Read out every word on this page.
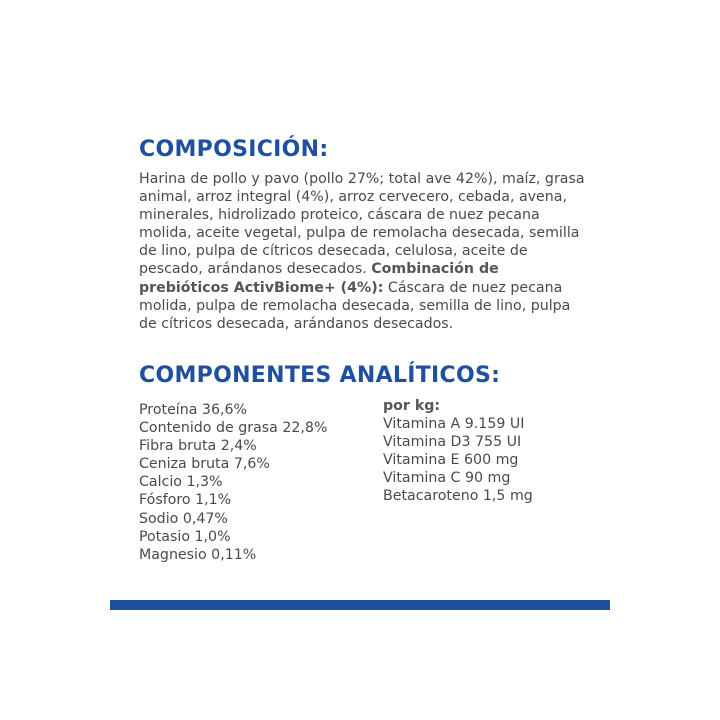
COMPOSICIÓN:

Harina de pollo y pavo (pollo 27%; total ave 42%), maíz, grasa animal, arroz integral (4%), arroz cervecero, cebada, avena, minerales, hidrolizado proteico, cáscara de nuez pecana molida, aceite vegetal, pulpa de remolacha desecada, semilla de lino, pulpa de cítricos desecada, celulosa, aceite de pescado, arándanos desecados. Combinación de prebióticos ActivBiome+ (4%): Cáscara de nuez pecana molida, pulpa de remolacha desecada, semilla de lino, pulpa de cítricos desecada, arándanos desecados.

COMPONENTES ANALÍTICOS:
Proteína 36,6%
Contenido de grasa 22,8%
Fibra bruta 2,4%
Ceniza bruta 7,6%
Calcio 1,3%
Fósforo 1,1%
Sodio 0,47%
Potasio 1,0%
Magnesio 0,11%
por kg:
Vitamina A 9.159 UI
Vitamina D3 755 UI
Vitamina E 600 mg
Vitamina C 90 mg
Betacaroteno 1,5 mg
